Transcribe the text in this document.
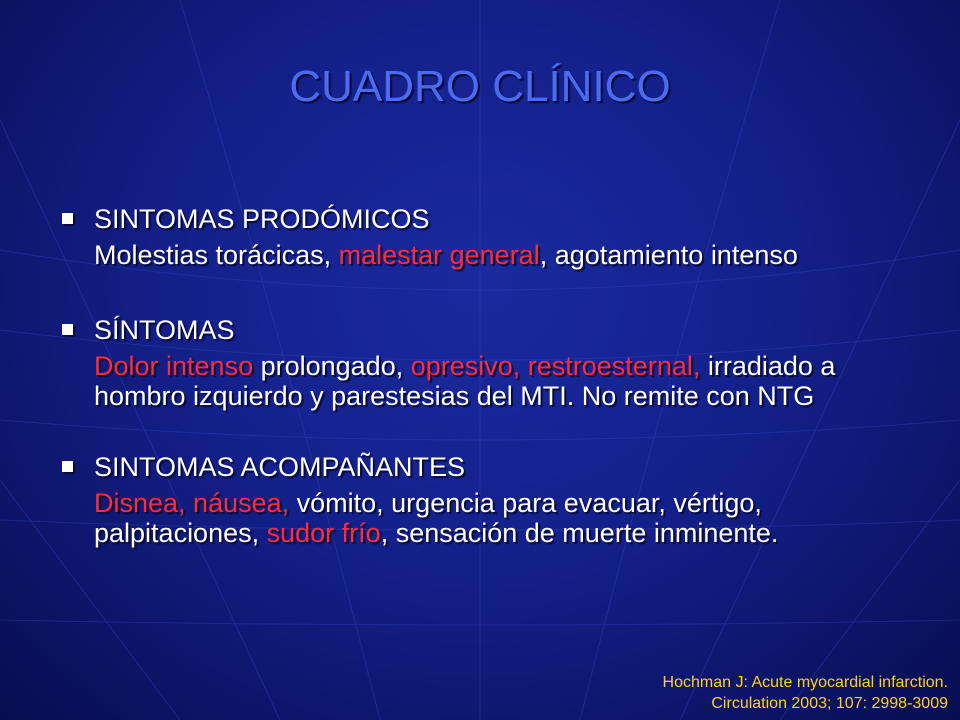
CUADRO CLÍNICO
SINTOMAS PRODÓMICOS
Molestias torácicas, malestar general, agotamiento intenso
SÍNTOMAS
Dolor intenso prolongado, opresivo, restroesternal, irradiado a hombro izquierdo y parestesias del MTI. No remite con NTG
SINTOMAS ACOMPAÑANTES
Disnea, náusea, vómito, urgencia para evacuar, vértigo, palpitaciones, sudor frío, sensación de muerte inminente.
Hochman J: Acute myocardial infarction.
Circulation 2003; 107: 2998-3009
